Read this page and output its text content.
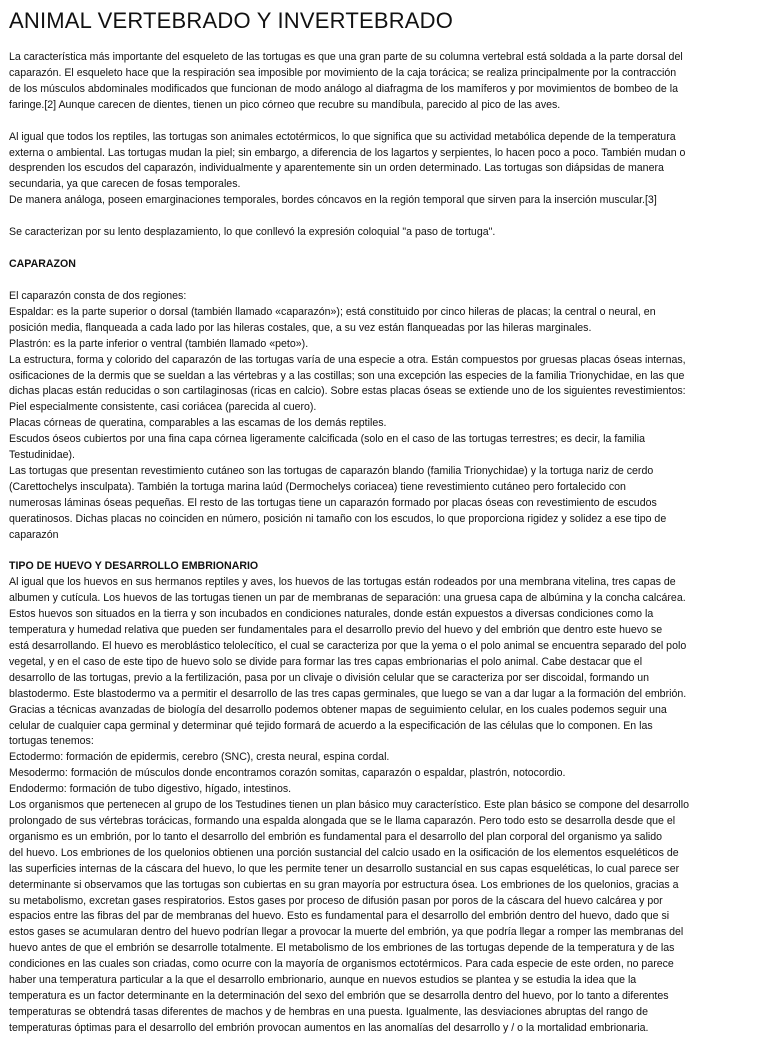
ANIMAL VERTEBRADO Y INVERTEBRADO
La característica más importante del esqueleto de las tortugas es que una gran parte de su columna vertebral está soldada a la parte dorsal del
caparazón. El esqueleto hace que la respiración sea imposible por movimiento de la caja torácica; se realiza principalmente por la contracción
de los músculos abdominales modificados que funcionan de modo análogo al diafragma de los mamíferos y por movimientos de bombeo de la
faringe.[2] Aunque carecen de dientes, tienen un pico córneo que recubre su mandíbula, parecido al pico de las aves.
Al igual que todos los reptiles, las tortugas son animales ectotérmicos, lo que significa que su actividad metabólica depende de la temperatura
externa o ambiental. Las tortugas mudan la piel; sin embargo, a diferencia de los lagartos y serpientes, lo hacen poco a poco. También mudan o
desprenden los escudos del caparazón, individualmente y aparentemente sin un orden determinado. Las tortugas son diápsidas de manera
secundaria, ya que carecen de fosas temporales.
De manera análoga, poseen emarginaciones temporales, bordes cóncavos en la región temporal que sirven para la inserción muscular.[3]
Se caracterizan por su lento desplazamiento, lo que conllevó la expresión coloquial "a paso de tortuga".
CAPARAZON
El caparazón consta de dos regiones:
Espaldar: es la parte superior o dorsal (también llamado «caparazón»); está constituido por cinco hileras de placas; la central o neural, en
posición media, flanqueada a cada lado por las hileras costales, que, a su vez están flanqueadas por las hileras marginales.
Plastrón: es la parte inferior o ventral (también llamado «peto»).
La estructura, forma y colorido del caparazón de las tortugas varía de una especie a otra. Están compuestos por gruesas placas óseas internas,
osificaciones de la dermis que se sueldan a las vértebras y a las costillas; son una excepción las especies de la familia Trionychidae, en las que
dichas placas están reducidas o son cartilaginosas (ricas en calcio). Sobre estas placas óseas se extiende uno de los siguientes revestimientos:
Piel especialmente consistente, casi coriácea (parecida al cuero).
Placas córneas de queratina, comparables a las escamas de los demás reptiles.
Escudos óseos cubiertos por una fina capa córnea ligeramente calcificada (solo en el caso de las tortugas terrestres; es decir, la familia
Testudinidae).
Las tortugas que presentan revestimiento cutáneo son las tortugas de caparazón blando (familia Trionychidae) y la tortuga nariz de cerdo
(Carettochelys insculpata). También la tortuga marina laúd (Dermochelys coriacea) tiene revestimiento cutáneo pero fortalecido con
numerosas láminas óseas pequeñas. El resto de las tortugas tiene un caparazón formado por placas óseas con revestimiento de escudos
queratinosos. Dichas placas no coinciden en número, posición ni tamaño con los escudos, lo que proporciona rigidez y solidez a ese tipo de
caparazón
TIPO DE HUEVO Y DESARROLLO EMBRIONARIO
Al igual que los huevos en sus hermanos reptiles y aves, los huevos de las tortugas están rodeados por una membrana vitelina, tres capas de
albumen y cutícula. Los huevos de las tortugas tienen un par de membranas de separación: una gruesa capa de albúmina y la concha calcárea.
Estos huevos son situados en la tierra y son incubados en condiciones naturales, donde están expuestos a diversas condiciones como la
temperatura y humedad relativa que pueden ser fundamentales para el desarrollo previo del huevo y del embrión que dentro este huevo se
está desarrollando. El huevo es meroblástico telolecítico, el cual se caracteriza por que la yema o el polo animal se encuentra separado del polo
vegetal, y en el caso de este tipo de huevo solo se divide para formar las tres capas embrionarias el polo animal. Cabe destacar que el
desarrollo de las tortugas, previo a la fertilización, pasa por un clivaje o división celular que se caracteriza por ser discoidal, formando un
blastodermo. Este blastodermo va a permitir el desarrollo de las tres capas germinales, que luego se van a dar lugar a la formación del embrión.
Gracias a técnicas avanzadas de biología del desarrollo podemos obtener mapas de seguimiento celular, en los cuales podemos seguir una
celular de cualquier capa germinal y determinar qué tejido formará de acuerdo a la especificación de las células que lo componen. En las
tortugas tenemos:
Ectodermo: formación de epidermis, cerebro (SNC), cresta neural, espina cordal.
Mesodermo: formación de músculos donde encontramos corazón somitas, caparazón o espaldar, plastrón, notocordio.
Endodermo: formación de tubo digestivo, hígado, intestinos.
Los organismos que pertenecen al grupo de los Testudines tienen un plan básico muy característico. Este plan básico se compone del desarrollo
prolongado de sus vértebras torácicas, formando una espalda alongada que se le llama caparazón. Pero todo esto se desarrolla desde que el
organismo es un embrión, por lo tanto el desarrollo del embrión es fundamental para el desarrollo del plan corporal del organismo ya salido
del huevo. Los embriones de los quelonios obtienen una porción sustancial del calcio usado en la osificación de los elementos esqueléticos de
las superficies internas de la cáscara del huevo, lo que les permite tener un desarrollo sustancial en sus capas esqueléticas, lo cual parece ser
determinante si observamos que las tortugas son cubiertas en su gran mayoría por estructura ósea. Los embriones de los quelonios, gracias a
su metabolismo, excretan gases respiratorios. Estos gases por proceso de difusión pasan por poros de la cáscara del huevo calcárea y por
espacios entre las fibras del par de membranas del huevo. Esto es fundamental para el desarrollo del embrión dentro del huevo, dado que si
estos gases se acumularan dentro del huevo podrían llegar a provocar la muerte del embrión, ya que podría llegar a romper las membranas del
huevo antes de que el embrión se desarrolle totalmente. El metabolismo de los embriones de las tortugas depende de la temperatura y de las
condiciones en las cuales son criadas, como ocurre con la mayoría de organismos ectotérmicos. Para cada especie de este orden, no parece
haber una temperatura particular a la que el desarrollo embrionario, aunque en nuevos estudios se plantea y se estudia la idea que la
temperatura es un factor determinante en la determinación del sexo del embrión que se desarrolla dentro del huevo, por lo tanto a diferentes
temperaturas se obtendrá tasas diferentes de machos y de hembras en una puesta. Igualmente, las desviaciones abruptas del rango de
temperaturas óptimas para el desarrollo del embrión provocan aumentos en las anomalías del desarrollo y / o la mortalidad embrionaria.
